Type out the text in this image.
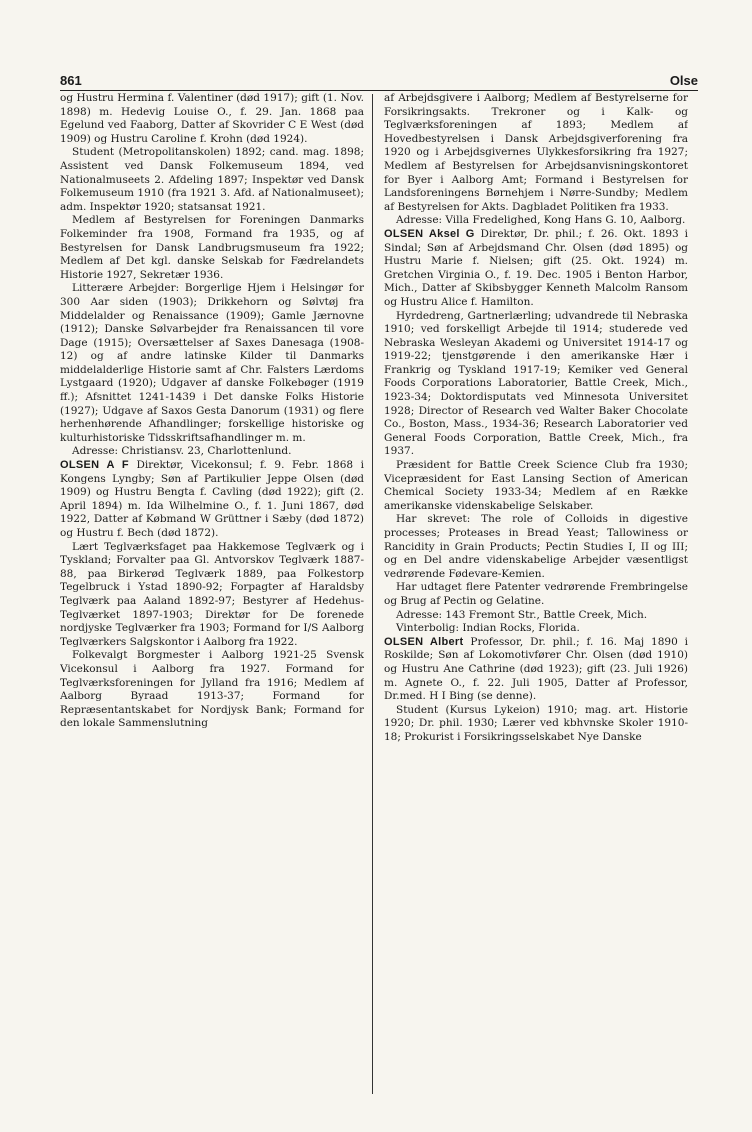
861	Olse

og Hustru Hermina f. Valentiner (død 1917); gift (1. Nov. 1898) m. Hedevig Louise O., f. 29. Jan. 1868 paa Egelund ved Faaborg, Datter af Skovrider C E West (død 1909) og Hustru Caroline f. Krohn (død 1924).

Student (Metropolitanskolen) 1892; cand. mag. 1898; Assistent ved Dansk Folkemuseum 1894, ved Nationalmuseets 2. Afdeling 1897; Inspektør ved Dansk Folkemuseum 1910 (fra 1921 3. Afd. af Nationalmuseet); adm. Inspektør 1920; statsansat 1921.

Medlem af Bestyrelsen for Foreningen Danmarks Folkeminder fra 1908, Formand fra 1935, og af Bestyrelsen for Dansk Landbrugsmuseum fra 1922; Medlem af Det kgl. danske Selskab for Fædrelandets Historie 1927, Sekretær 1936.

Litterære Arbejder: Borgerlige Hjem i Helsingør for 300 Aar siden (1903); Drikkehorn og Sølvtøj fra Middelalder og Renaissance (1909); Gamle Jærnovne (1912); Danske Sølvarbejder fra Renaissancen til vore Dage (1915); Oversættelser af Saxes Danesaga (1908-12) og af andre latinske Kilder til Danmarks middelalderlige Historie samt af Chr. Falsters Lærdoms Lystgaard (1920); Udgaver af danske Folkebøger (1919 ff.); Afsnittet 1241-1439 i Det danske Folks Historie (1927); Udgave af Saxos Gesta Danorum (1931) og flere herhenhørende Afhandlinger; forskellige historiske og kulturhistoriske Tidsskriftsafhandlinger m. m.

Adresse: Christiansv. 23, Charlottenlund.

OLSEN A F Direktør, Vicekonsul; f. 9. Febr. 1868 i Kongens Lyngby; Søn af Partikulier Jeppe Olsen (død 1909) og Hustru Bengta f. Cavling (død 1922); gift (2. April 1894) m. Ida Wilhelmine O., f. 1. Juni 1867, død 1922, Datter af Købmand W Grüttner i Sæby (død 1872) og Hustru f. Bech (død 1872).

Lært Teglværksfaget paa Hakkemose Teglværk og i Tyskland; Forvalter paa Gl. Antvorskov Teglværk 1887-88, paa Birkerød Teglværk 1889, paa Folkestorp Tegelbruck i Ystad 1890-92; Forpagter af Haraldsby Teglværk paa Aaland 1892-97; Bestyrer af Hedehus-Teglværket 1897-1903; Direktør for De forenede nordjyske Teglværker fra 1903; Formand for I/S Aalborg Teglværkers Salgskontor i Aalborg fra 1922.

Folkevalgt Borgmester i Aalborg 1921-25 Svensk Vicekonsul i Aalborg fra 1927. Formand for Teglværksforeningen for Jylland fra 1916; Medlem af Aalborg Byraad 1913-37; Formand for Repræsentantskabet for Nordjysk Bank; Formand for den lokale Sammenslutning

af Arbejdsgivere i Aalborg; Medlem af Bestyrelserne for Forsikringsakts. Trekroner og i Kalk- og Teglværksforeningen af 1893; Medlem af Hovedbestyrelsen i Dansk Arbejdsgiverforening fra 1920 og i Arbejdsgivernes Ulykkesforsikring fra 1927; Medlem af Bestyrelsen for Arbejdsanvisningskontoret for Byer i Aalborg Amt; Formand i Bestyrelsen for Landsforeningens Børnehjem i Nørre-Sundby; Medlem af Bestyrelsen for Akts. Dagbladet Politiken fra 1933.

Adresse: Villa Fredelighed, Kong Hans G. 10, Aalborg.

OLSEN Aksel G Direktør, Dr. phil.; f. 26. Okt. 1893 i Sindal; Søn af Arbejdsmand Chr. Olsen (død 1895) og Hustru Marie f. Nielsen; gift (25. Okt. 1924) m. Gretchen Virginia O., f. 19. Dec. 1905 i Benton Harbor, Mich., Datter af Skibsbygger Kenneth Malcolm Ransom og Hustru Alice f. Hamilton.

Hyrdedreng, Gartnerlærling; udvandrede til Nebraska 1910; ved forskelligt Arbejde til 1914; studerede ved Nebraska Wesleyan Akademi og Universitet 1914-17 og 1919-22; tjenstgørende i den amerikanske Hær i Frankrig og Tyskland 1917-19; Kemiker ved General Foods Corporations Laboratorier, Battle Creek, Mich., 1923-34; Doktordisputats ved Minnesota Universitet 1928; Director of Research ved Walter Baker Chocolate Co., Boston, Mass., 1934-36; Research Laboratorier ved General Foods Corporation, Battle Creek, Mich., fra 1937.

Præsident for Battle Creek Science Club fra 1930; Vicepræsident for East Lansing Section of American Chemical Society 1933-34; Medlem af en Række amerikanske videnskabelige Selskaber.

Har skrevet: The role of Colloids in digestive processes; Proteases in Bread Yeast; Tallowiness or Rancidity in Grain Products; Pectin Studies I, II og III; og en Del andre videnskabelige Arbejder væsentligst vedrørende Fødevare-Kemien.

Har udtaget flere Patenter vedrørende Frembringelse og Brug af Pectin og Gelatine.

Adresse: 143 Fremont Str., Battle Creek, Mich.

Vinterbolig: Indian Rocks, Florida.

OLSEN Albert Professor, Dr. phil.; f. 16. Maj 1890 i Roskilde; Søn af Lokomotivfører Chr. Olsen (død 1910) og Hustru Ane Cathrine (død 1923); gift (23. Juli 1926) m. Agnete O., f. 22. Juli 1905, Datter af Professor, Dr.med. H I Bing (se denne).

Student (Kursus Lykeion) 1910; mag. art. Historie 1920; Dr. phil. 1930; Lærer ved kbhvnske Skoler 1910-18; Prokurist i Forsikringsselskabet Nye Danske
